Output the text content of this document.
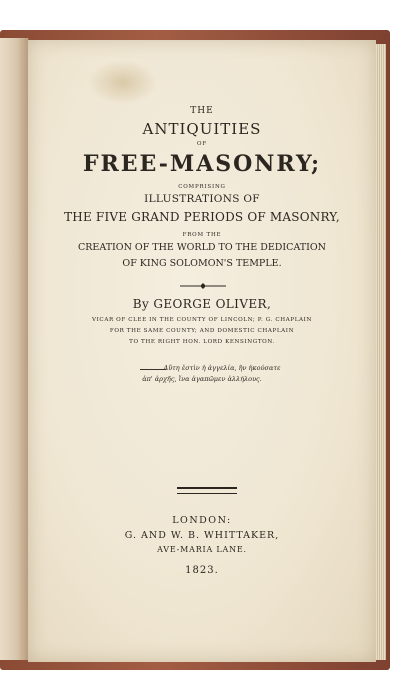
THE
ANTIQUITIES
OF
FREE-MASONRY;
COMPRISING
ILLUSTRATIONS OF
THE FIVE GRAND PERIODS OF MASONRY,
FROM THE
CREATION OF THE WORLD TO THE DEDICATION
OF KING SOLOMON'S TEMPLE.
By GEORGE OLIVER,
VICAR OF CLEE IN THE COUNTY OF LINCOLN; P. G. CHAPLAIN
FOR THE SAME COUNTY; AND DOMESTIC CHAPLAIN
TO THE RIGHT HON. LORD KENSINGTON.
Αὕτη ἐστὶν ἡ ἀγγελία, ἣν ἠκούσατε
ἀπ' ἀρχῆς, ἵνα ἀγαπῶμεν ἀλλήλους.
LONDON:
G. AND W. B. WHITTAKER,
AVE-MARIA LANE.
1823.
